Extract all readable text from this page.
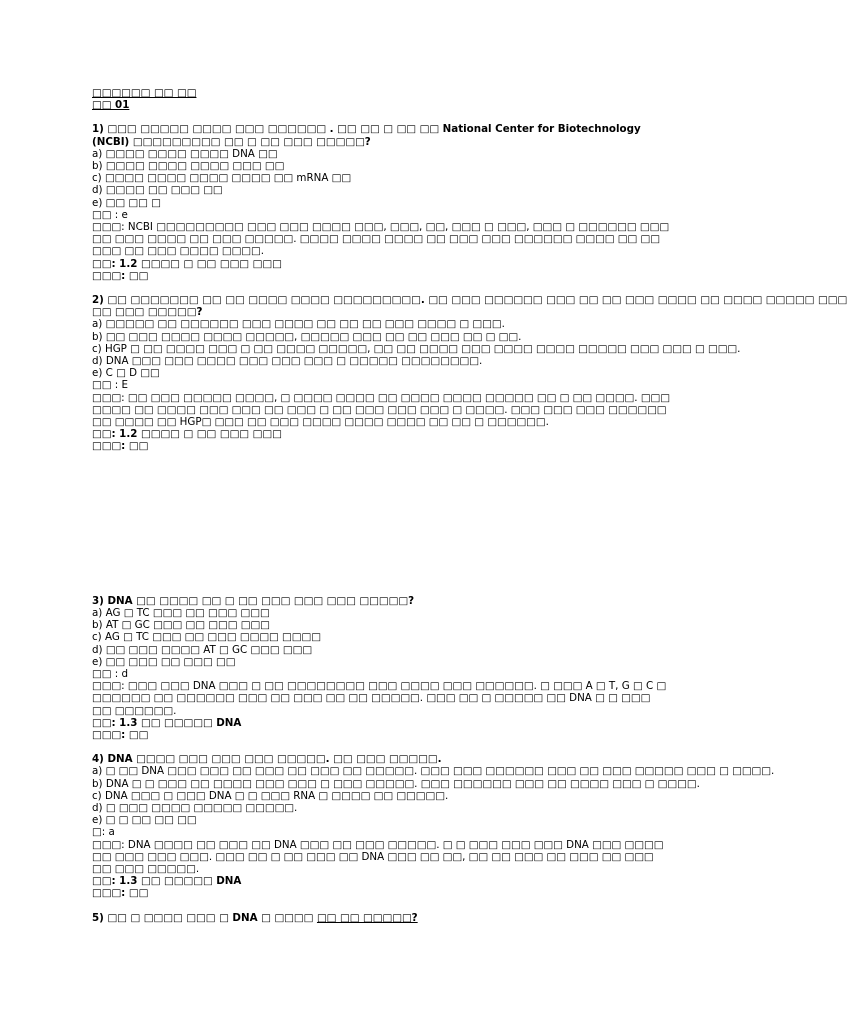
□□□□□□ □□ □□
□□ 01
1) □□□ □□□□□ □□□□ □□□ □□□□□□ . □□ □□ □ □□ □□ National Center for Biotechnology
(NCBI) □□□□□□□□□ □□ □ □□ □□□ □□□□□?
a) □□□□ □□□□ □□□□ DNA □□
b) □□□□ □□□□ □□□□ □□□ □□
c) □□□□ □□□□ □□□□ □□□□ □□ mRNA □□
d) □□□□ □□ □□□ □□
e) □□ □□ □
□□ : e
□□□: NCBI □□□□□□□□□ □□□ □□□ □□□□ □□□, □□□, □□, □□□ □ □□□, □□□ □ □□□□□□ □□□ □□ □□□ □□□□ □□ □□□ □□□□□. □□□□ □□□□ □□□□ □□ □□□ □□□ □□□□□□ □□□□ □□ □□ □□□ □□ □□□ □□□□ □□□□.
□□: 1.2 □□□□ □ □□ □□□ □□□
□□□: □□
2) □□ □□□□□□□ □□ □□ □□□□ □□□□ □□□□□□□□□. □□ □□□ □□□□□□ □□□ □□ □□ □□□ □□□□ □□ □□□□ □□□□□ □□□
□□ □□□ □□□□□?
a) □□□□□ □□ □□□□□□ □□□ □□□□ □□ □□ □□ □□□ □□□□ □ □□□.
b) □□ □□□ □□□□ □□□□ □□□□□, □□□□□ □□□ □□ □□ □□□ □□ □ □□.
c) HGP □ □□ □□□□ □□□ □ □□ □□□□ □□□□□, □□ □□ □□□□ □□□ □□□□ □□□□ □□□□□ □□□ □□□ □ □□□.
d) DNA □□□ □□□ □□□□ □□□ □□□ □□□ □ □□□□□ □□□□□□□□.
e) C □ D □□
□□ : E
□□□: □□ □□□ □□□□□ □□□□, □ □□□□ □□□□ □□ □□□□ □□□□ □□□□□ □□ □ □□ □□□□. □□□ □□□□ □□ □□□□ □□□ □□□ □□ □□□ □ □□ □□□ □□□ □□□ □ □□□□. □□□ □□□ □□□ □□□□□□ □□ □□□□ □□ HGP□ □□□ □□ □□□ □□□□ □□□□ □□□□ □□ □□ □ □□□□□□.
□□: 1.2 □□□□ □ □□ □□□ □□□
□□□: □□
3) DNA □□ □□□□ □□ □ □□ □□□ □□□ □□□ □□□□□?
a) AG □ TC □□□ □□ □□□ □□□
b) AT □ GC □□□ □□ □□□ □□□
c) AG □ TC □□□ □□ □□□ □□□□ □□□□
d) □□ □□□ □□□□ AT □ GC □□□ □□□
e) □□ □□□ □□ □□□ □□
□□ : d
□□□: □□□ □□□ DNA □□□ □ □□ □□□□□□□□ □□□ □□□□ □□□ □□□□□□. □ □□□ A □ T, G □ C □ □□□□□□ □□ □□□□□□ □□□ □□ □□□ □□ □□ □□□□□. □□□ □□ □ □□□□□ □□ DNA □ □ □□□ □□ □□□□□□.
□□: 1.3 □□ □□□□□ DNA
□□□: □□
4) DNA □□□□ □□□ □□□ □□□ □□□□□. □□ □□□ □□□□□.
a) □ □□ DNA □□□ □□□ □□ □□□ □□ □□□ □□ □□□□□. □□□ □□□ □□□□□□ □□□ □□ □□□ □□□□□ □□□ □ □□□□.
b) DNA □ □ □□□ □□ □□□□ □□□ □□□ □ □□□ □□□□□. □□□ □□□□□□ □□□ □□ □□□□ □□□ □ □□□□.
c) DNA □□□ □ □□□ DNA □ □ □□□ RNA □ □□□□ □□ □□□□□.
d) □ □□□ □□□□ □□□□□ □□□□□.
e) □ □ □□ □□ □□
□: a
□□□: DNA □□□□ □□ □□□ □□ DNA □□□ □□ □□□ □□□□□. □ □ □□□ □□□ □□□ DNA □□□ □□□□ □□ □□□ □□□ □□□. □□□ □□ □ □□ □□□ □□ DNA □□□ □□ □□, □□ □□ □□□ □□ □□□ □□ □□□ □□ □□□ □□□□□.
□□: 1.3 □□ □□□□□ DNA
□□□: □□
5) □□ □ □□□□ □□□ □ DNA □ □□□□ □□ □□ □□□□□?
